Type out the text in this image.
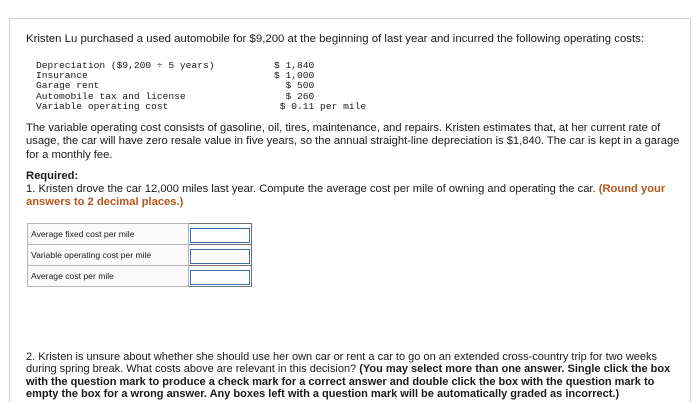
Kristen Lu purchased a used automobile for $9,200 at the beginning of last year and incurred the following operating costs:
Depreciation ($9,200 ÷ 5 years)	$ 1,840
Insurance	$ 1,000
Garage rent	$ 500
Automobile tax and license	$ 260
Variable operating cost	$ 0.11 per mile
The variable operating cost consists of gasoline, oil, tires, maintenance, and repairs. Kristen estimates that, at her current rate of usage, the car will have zero resale value in five years, so the annual straight-line depreciation is $1,840. The car is kept in a garage for a monthly fee.
Required:
1. Kristen drove the car 12,000 miles last year. Compute the average cost per mile of owning and operating the car. (Round your answers to 2 decimal places.)
Average fixed cost per mile	
Variable operating cost per mile	
Average cost per mile	
2. Kristen is unsure about whether she should use her own car or rent a car to go on an extended cross-country trip for two weeks during spring break. What costs above are relevant in this decision? (You may select more than one answer. Single click the box with the question mark to produce a check mark for a correct answer and double click the box with the question mark to empty the box for a wrong answer. Any boxes left with a question mark will be automatically graded as incorrect.)
